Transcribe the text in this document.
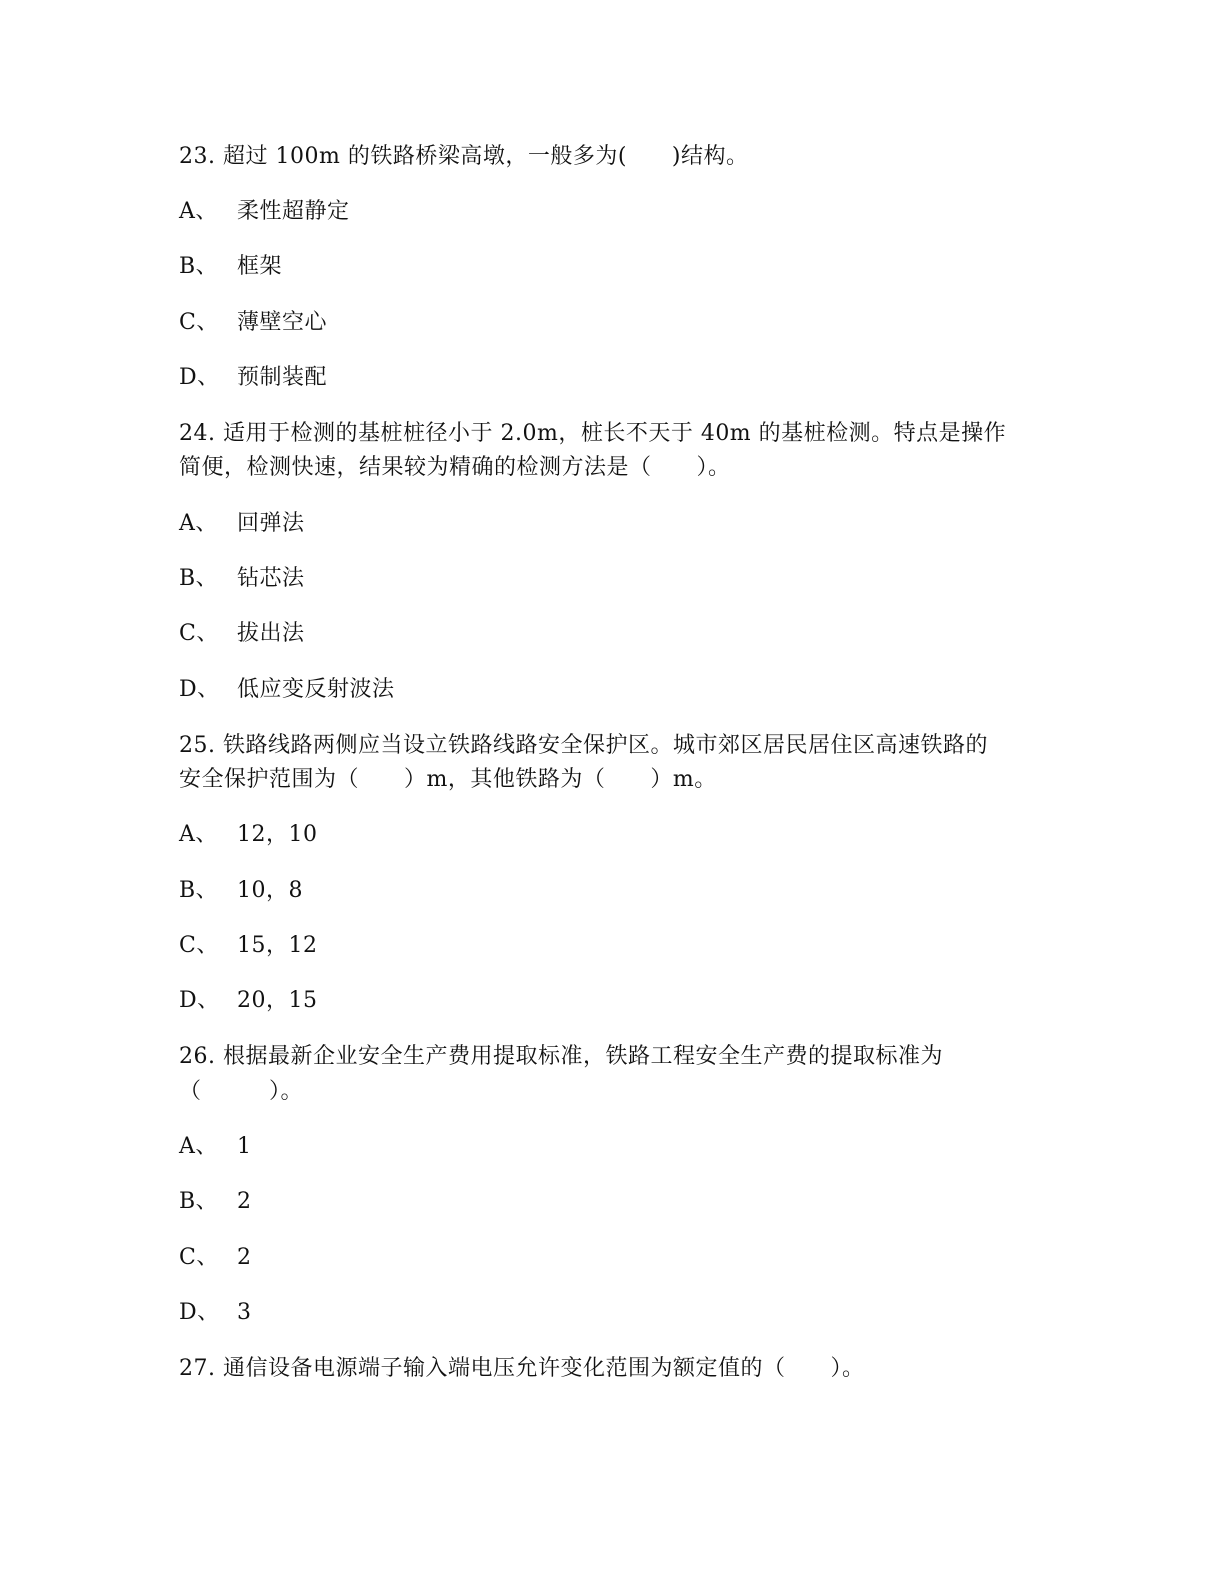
23. 超过 100m 的铁路桥梁高墩，一般多为(　　)结构。
A、 柔性超静定
B、 框架
C、 薄壁空心
D、 预制装配
24. 适用于检测的基桩桩径小于 2.0m，桩长不天于 40m 的基桩检测。特点是操作
简便，检测快速，结果较为精确的检测方法是（　　）。
A、 回弹法
B、 钻芯法
C、 拔出法
D、 低应变反射波法
25. 铁路线路两侧应当设立铁路线路安全保护区。城市郊区居民居住区高速铁路的
安全保护范围为（　　）m，其他铁路为（　　）m。
A、 12，10
B、 10，8
C、 15，12
D、 20，15
26. 根据最新企业安全生产费用提取标准，铁路工程安全生产费的提取标准为
（　　　）。
A、 1
B、 2
C、 2
D、 3
27. 通信设备电源端子输入端电压允许变化范围为额定值的（　　）。
